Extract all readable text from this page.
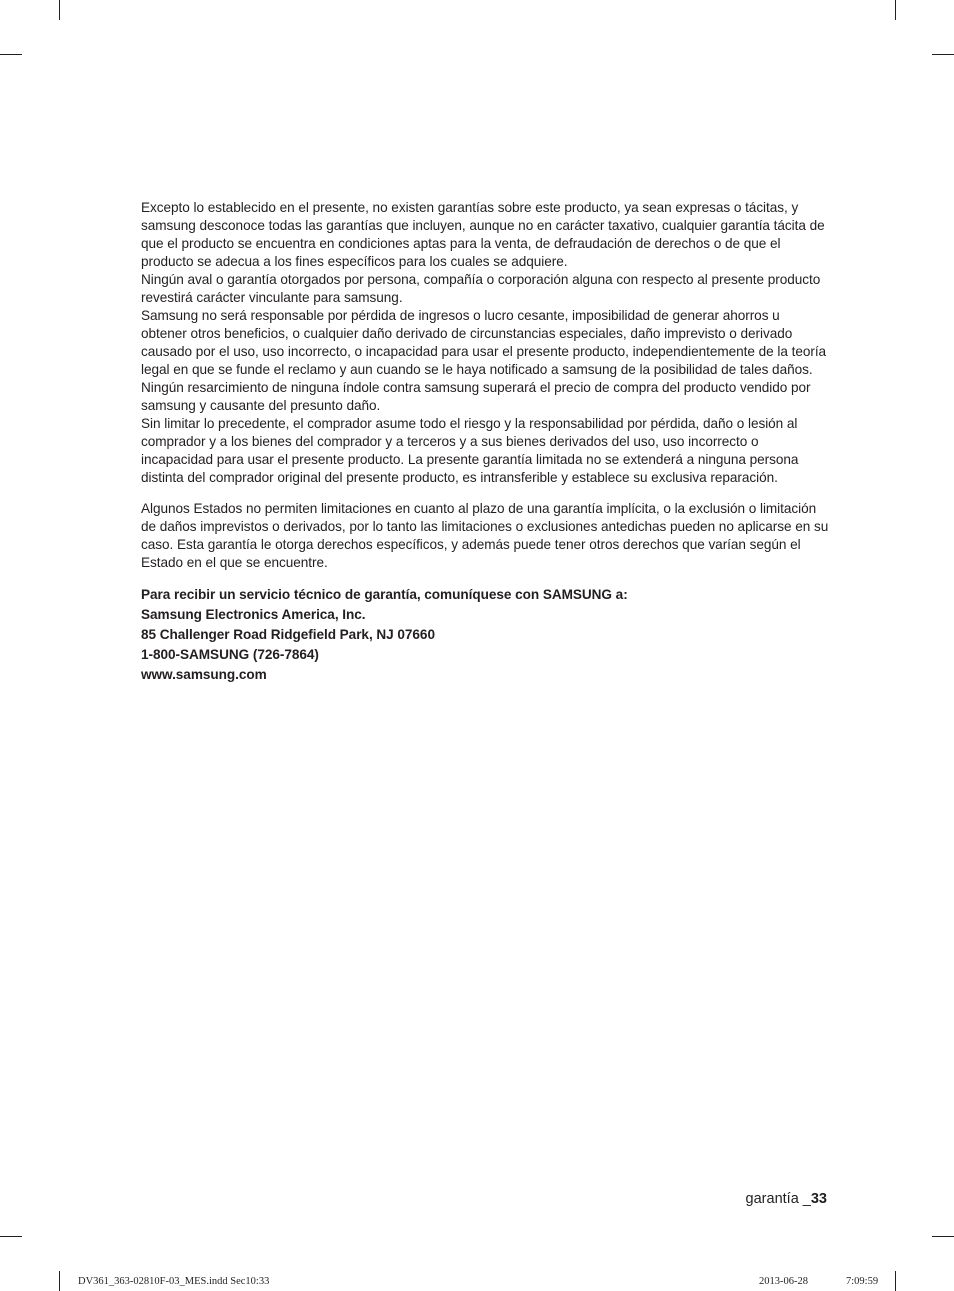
Excepto lo establecido en el presente, no existen garantías sobre este producto, ya sean expresas o tácitas, y samsung desconoce todas las garantías que incluyen, aunque no en carácter taxativo, cualquier garantía tácita de que el producto se encuentra en condiciones aptas para la venta, de defraudación de derechos o de que el producto se adecua a los fines específicos para los cuales se adquiere.

Ningún aval o garantía otorgados por persona, compañía o corporación alguna con respecto al presente producto revestirá carácter vinculante para samsung.

Samsung no será responsable por pérdida de ingresos o lucro cesante, imposibilidad de generar ahorros u obtener otros beneficios, o cualquier daño derivado de circunstancias especiales, daño imprevisto o derivado causado por el uso, uso incorrecto, o incapacidad para usar el presente producto, independientemente de la teoría legal en que se funde el reclamo y aun cuando se le haya notificado a samsung de la posibilidad de tales daños.

Ningún resarcimiento de ninguna índole contra samsung superará el precio de compra del producto vendido por samsung y causante del presunto daño.

Sin limitar lo precedente, el comprador asume todo el riesgo y la responsabilidad por pérdida, daño o lesión al comprador y a los bienes del comprador y a terceros y a sus bienes derivados del uso, uso incorrecto o incapacidad para usar el presente producto. La presente garantía limitada no se extenderá a ninguna persona distinta del comprador original del presente producto, es intransferible y establece su exclusiva reparación.

Algunos Estados no permiten limitaciones en cuanto al plazo de una garantía implícita, o la exclusión o limitación de daños imprevistos o derivados, por lo tanto las limitaciones o exclusiones antedichas pueden no aplicarse en su caso. Esta garantía le otorga derechos específicos, y además puede tener otros derechos que varían según el Estado en el que se encuentre.

Para recibir un servicio técnico de garantía, comuníquese con SAMSUNG a:
Samsung Electronics America, Inc.
85 Challenger Road Ridgefield Park, NJ 07660
1-800-SAMSUNG (726-7864)
www.samsung.com
garantía _33
DV361_363-02810F-03_MES.indd Sec10:33	2013-06-28	7:09:59
